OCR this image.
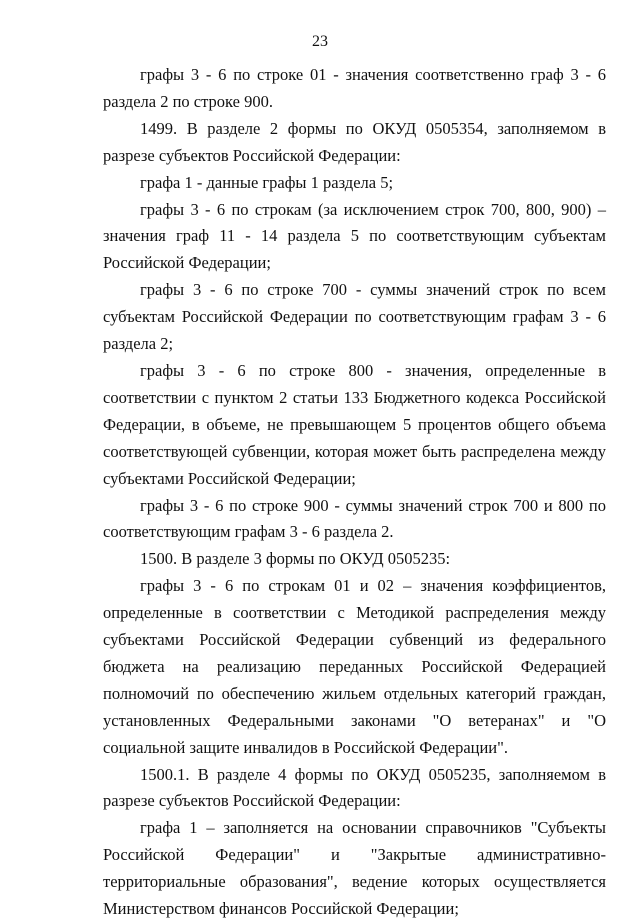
23

графы 3 - 6 по строке 01 - значения соответственно граф 3 - 6 раздела 2 по строке 900.

1499. В разделе 2 формы по ОКУД 0505354, заполняемом в разрезе субъектов Российской Федерации:

графа 1 - данные графы 1 раздела 5;

графы 3 - 6 по строкам (за исключением строк 700, 800, 900) – значения граф 11 - 14 раздела 5 по соответствующим субъектам Российской Федерации;

графы 3 - 6 по строке 700 - суммы значений строк по всем субъектам Российской Федерации по соответствующим графам 3 - 6 раздела 2;

графы 3 - 6 по строке 800 - значения, определенные в соответствии с пунктом 2 статьи 133 Бюджетного кодекса Российской Федерации, в объеме, не превышающем 5 процентов общего объема соответствующей субвенции, которая может быть распределена между субъектами Российской Федерации;

графы 3 - 6 по строке 900 - суммы значений строк 700 и 800 по соответствующим графам 3 - 6 раздела 2.

1500. В разделе 3 формы по ОКУД 0505235:

графы 3 - 6 по строкам 01 и 02 – значения коэффициентов, определенные в соответствии с Методикой распределения между субъектами Российской Федерации субвенций из федерального бюджета на реализацию переданных Российской Федерацией полномочий по обеспечению жильем отдельных категорий граждан, установленных Федеральными законами "О ветеранах" и "О социальной защите инвалидов в Российской Федерации".

1500.1. В разделе 4 формы по ОКУД 0505235, заполняемом в разрезе субъектов Российской Федерации:

графа 1 – заполняется на основании справочников "Субъекты Российской Федерации" и "Закрытые административно-территориальные образования", ведение которых осуществляется Министерством финансов Российской Федерации;
